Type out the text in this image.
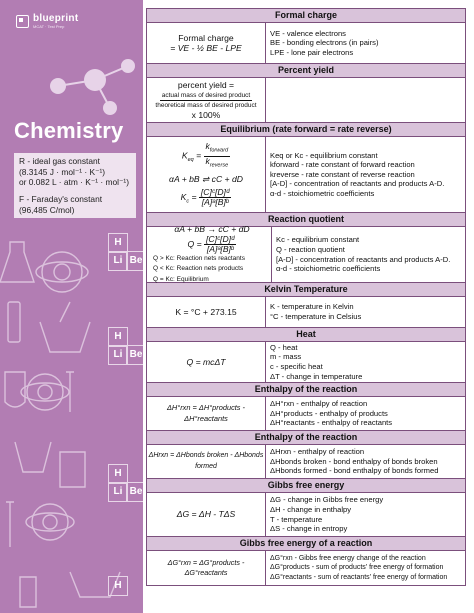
blueprint
MCAT · Test Prep
Chemistry
R - ideal gas constant
(8.3145 J · mol⁻¹ · K⁻¹)
or 0.082 L · atm · K⁻¹ · mol⁻¹)
F - Faraday's constant
(96,485 C/mol)
H
Li Be
H
Li Be
H
Li Be
H
Formal charge
Formal charge
= VE - ½ BE - LPE
VE - valence electrons
BE - bonding electrons (in pairs)
LPE - lone pair electrons
Percent yield
percent yield =
$\frac{\text{actual mass of desired product}}{\text{theoretical mass of desired product}}$
x 100%
Equilibrium (rate forward = rate reverse)
$K_{eq} = \frac{k_{forward}}{k_{reverse}}$
αA + bB ⇌ cC + dD
$K_c = \frac{\text{[C]ᶜ[D]ᵈ}}{\text{[A]ᵃ[B]ᵇ}}$
Keq or Kc - equilibrium constant
kforward - rate constant of forward reaction
kreverse - rate constant of reverse reaction
[A-D] - concentration of reactants and products A-D.
α-d - stoichiometric coefficients
Reaction quotient
αA + bB → cC + dD
$Q = \frac{\text{[C]ᶜ[D]ᵈ}}{\text{[A]ᵃ[B]ᵇ}}$
Q > Kc: Reaction nets reactants
Q < Kc: Reaction nets products
Q = Kc: Equilibrium
Kc - equilibrium constant
Q - reaction quotient
[A-D] - concentration of reactants and products A-D.
α-d - stoichiometric coefficients
Kelvin Temperature
K = °C + 273.15	K - temperature in Kelvin
°C - temperature in Celsius
Heat
Q = mcΔT
Q - heat
m - mass
c - specific heat
ΔT - change in temperature
Enthalpy of the reaction
ΔH°rxn = ΔH°products - ΔH°reactants
ΔH°rxn - enthalpy of reaction
ΔH°products - enthalpy of products
ΔH°reactants - enthalpy of reactants
Enthalpy of the reaction
ΔHrxn = ΔHbonds broken - ΔHbonds formed
ΔHrxn - enthalpy of reaction
ΔHbonds broken - bond enthalpy of bonds broken
ΔHbonds formed - bond enthalpy of bonds formed
Gibbs free energy
ΔG = ΔH - TΔS
ΔG - change in Gibbs free energy
ΔH - change in enthalpy
T - temperature
ΔS - change in entropy
Gibbs free energy of a reaction
ΔG°rxn = ΔG°products - ΔG°reactants
ΔG°rxn - Gibbs free energy change of the reaction
ΔG°products - sum of products' free energy of formation
ΔG°reactants - sum of reactants' free energy of formation
